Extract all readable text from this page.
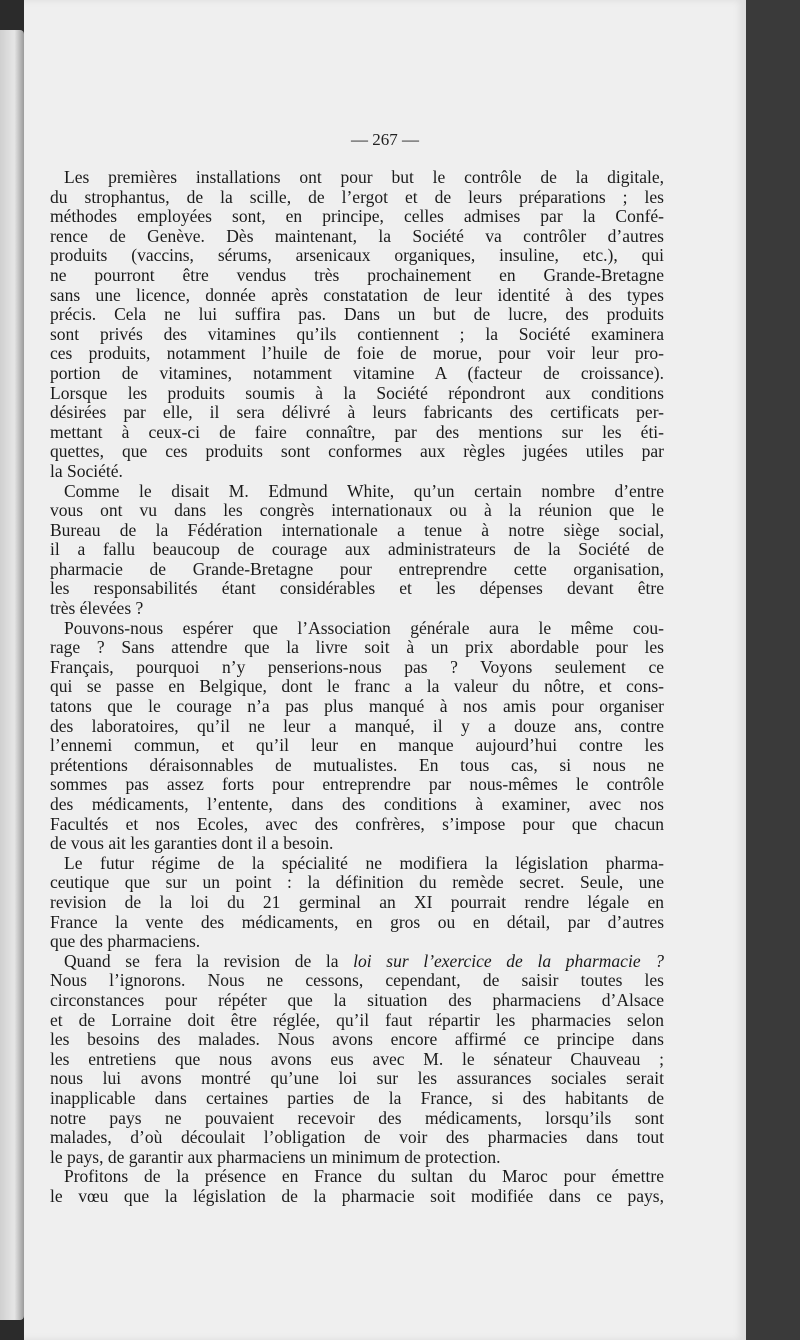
— 267 —

Les premières installations ont pour but le contrôle de la digitale,
du strophantus, de la scille, de l’ergot et de leurs préparations ; les
méthodes employées sont, en principe, celles admises par la Confé-
rence de Genève. Dès maintenant, la Société va contrôler d’autres
produits (vaccins, sérums, arsenicaux organiques, insuline, etc.), qui
ne pourront être vendus très prochainement en Grande-Bretagne
sans une licence, donnée après constatation de leur identité à des types
précis. Cela ne lui suffira pas. Dans un but de lucre, des produits
sont privés des vitamines qu’ils contiennent ; la Société examinera
ces produits, notamment l’huile de foie de morue, pour voir leur pro-
portion de vitamines, notamment vitamine A (facteur de croissance).
Lorsque les produits soumis à la Société répondront aux conditions
désirées par elle, il sera délivré à leurs fabricants des certificats per-
mettant à ceux-ci de faire connaître, par des mentions sur les éti-
quettes, que ces produits sont conformes aux règles jugées utiles par
la Société.
Comme le disait M. Edmund White, qu’un certain nombre d’entre
vous ont vu dans les congrès internationaux ou à la réunion que le
Bureau de la Fédération internationale a tenue à notre siège social,
il a fallu beaucoup de courage aux administrateurs de la Société de
pharmacie de Grande-Bretagne pour entreprendre cette organisation,
les responsabilités étant considérables et les dépenses devant être
très élevées ?
Pouvons-nous espérer que l’Association générale aura le même cou-
rage ? Sans attendre que la livre soit à un prix abordable pour les
Français, pourquoi n’y penserions-nous pas ? Voyons seulement ce
qui se passe en Belgique, dont le franc a la valeur du nôtre, et cons-
tatons que le courage n’a pas plus manqué à nos amis pour organiser
des laboratoires, qu’il ne leur a manqué, il y a douze ans, contre
l’ennemi commun, et qu’il leur en manque aujourd’hui contre les
prétentions déraisonnables de mutualistes. En tous cas, si nous ne
sommes pas assez forts pour entreprendre par nous-mêmes le contrôle
des médicaments, l’entente, dans des conditions à examiner, avec nos
Facultés et nos Ecoles, avec des confrères, s’impose pour que chacun
de vous ait les garanties dont il a besoin.
Le futur régime de la spécialité ne modifiera la législation pharma-
ceutique que sur un point : la définition du remède secret. Seule, une
revision de la loi du 21 germinal an XI pourrait rendre légale en
France la vente des médicaments, en gros ou en détail, par d’autres
que des pharmaciens.
Quand se fera la revision de la loi sur l’exercice de la pharmacie ?
Nous l’ignorons. Nous ne cessons, cependant, de saisir toutes les
circonstances pour répéter que la situation des pharmaciens d’Alsace
et de Lorraine doit être réglée, qu’il faut répartir les pharmacies selon
les besoins des malades. Nous avons encore affirmé ce principe dans
les entretiens que nous avons eus avec M. le sénateur Chauveau ;
nous lui avons montré qu’une loi sur les assurances sociales serait
inapplicable dans certaines parties de la France, si des habitants de
notre pays ne pouvaient recevoir des médicaments, lorsqu’ils sont
malades, d’où découlait l’obligation de voir des pharmacies dans tout
le pays, de garantir aux pharmaciens un minimum de protection.
Profitons de la présence en France du sultan du Maroc pour émettre
le vœu que la législation de la pharmacie soit modifiée dans ce pays,
